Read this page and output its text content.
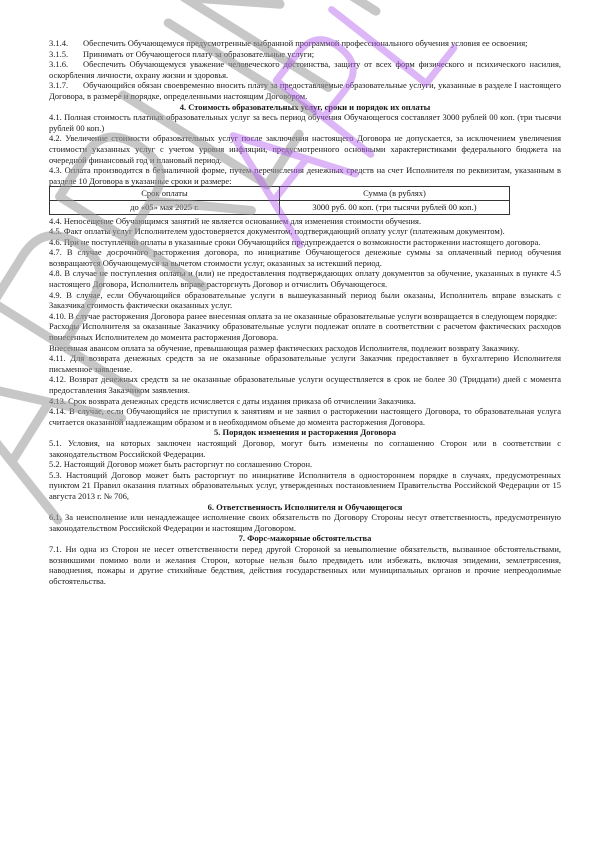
3.1.4. Обеспечить Обучающемуся предусмотренные выбранной программой профессионального обучения условия ее освоения;

3.1.5. Принимать от Обучающегося плату за образовательные услуги;

3.1.6. Обеспечить Обучающемуся уважение человеческого достоинства, защиту от всех форм физического и психического насилия, оскорбления личности, охрану жизни и здоровья.

3.1.7. Обучающийся обязан своевременно вносить плату за предоставляемые образовательные услуги, указанные в разделе I настоящего Договора, в размере и порядке, определенными настоящим Договором.

4. Стоимость образовательных услуг, сроки и порядок их оплаты

4.1. Полная стоимость платных образовательных услуг за весь период обучения Обучающегося составляет 3000 рублей 00 коп. (три тысячи рублей 00 коп.)

4.2. Увеличение стоимости образовательных услуг после заключения настоящего Договора не допускается, за исключением увеличения стоимости указанных услуг с учетом уровня инфляции, предусмотренного основными характеристиками федерального бюджета на очередной финансовый год и плановый период.

4.3. Оплата производится в безналичной форме, путем перечисления денежных средств на счет Исполнителя по реквизитам, указанным в разделе 10 Договора в указанные сроки и размере:

Срок оплаты	Сумма (в рублях)
до «05» мая 2025 г.	3000 руб. 00 коп. (три тысячи рублей 00 коп.)

4.4. Непосещение Обучающимся занятий не является основанием для изменения стоимости обучения.

4.5. Факт оплаты услуг Исполнителем удостоверяется документом, подтверждающий оплату услуг (платежным документом).

4.6. При не поступлении оплаты в указанные сроки Обучающийся предупреждается о возможности расторжении настоящего договора.

4.7. В случае досрочного расторжения договора, по инициативе Обучающегося денежные суммы за оплаченный период обучения возвращаются Обучающемуся за вычетом стоимости услуг, оказанных за истекший период.

4.8. В случае не поступления оплаты и (или) не предоставления подтверждающих оплату документов за обучение, указанных в пункте 4.5 настоящего Договора, Исполнитель вправе расторгнуть Договор и отчислить Обучающегося.

4.9. В случае, если Обучающийся образовательные услуги в вышеуказанный период были оказаны, Исполнитель вправе взыскать с Заказчика стоимость фактически оказанных услуг.

4.10. В случае расторжения Договора ранее внесенная оплата за не оказанные образовательные услуги возвращается в следующем порядке:

Расходы Исполнителя за оказанные Заказчику образовательные услуги подлежат оплате в соответствии с расчетом фактических расходов понесенных Исполнителем до момента расторжения Договора.

Внесенная авансом оплата за обучение, превышающая размер фактических расходов Исполнителя, подлежит возврату Заказчику.

4.11. Для возврата денежных средств за не оказанные образовательные услуги Заказчик предоставляет в бухгалтерию Исполнителя письменное заявление.

4.12. Возврат денежных средств за не оказанные образовательные услуги осуществляется в срок не более 30 (Тридцати) дней с момента предоставления Заказчиком заявления.

4.13. Срок возврата денежных средств исчисляется с даты издания приказа об отчислении Заказчика.

4.14. В случае, если Обучающийся не приступил к занятиям и не заявил о расторжении настоящего Договора, то образовательная услуга считается оказанной надлежащим образом и в необходимом объеме до момента расторжения Договора.

5. Порядок изменения и расторжения Договора

5.1. Условия, на которых заключен настоящий Договор, могут быть изменены по соглашению Сторон или в соответствии с законодательством Российской Федерации.

5.2. Настоящий Договор может быть расторгнут по соглашению Сторон.

5.3. Настоящий Договор может быть расторгнут по инициативе Исполнителя в одностороннем порядке в случаях, предусмотренных пунктом 21 Правил оказания платных образовательных услуг, утвержденных постановлением Правительства Российской Федерации от 15 августа 2013 г. № 706,

6. Ответственность Исполнителя и Обучающегося

6.1. За неисполнение или ненадлежащее исполнение своих обязательств по Договору Стороны несут ответственность, предусмотренную законодательством Российской Федерации и настоящим Договором.

7. Форс-мажорные обстоятельства

7.1. Ни одна из Сторон не несет ответственности перед другой Стороной за невыполнение обязательств, вызванное обстоятельствами, возникшими помимо воли и желания Сторон, которые нельзя было предвидеть или избежать, включая эпидемии, землетрясения, наводнения, пожары и другие стихийные бедствия, действия государственных или муниципальных органов и прочие непреодолимые обстоятельства.
